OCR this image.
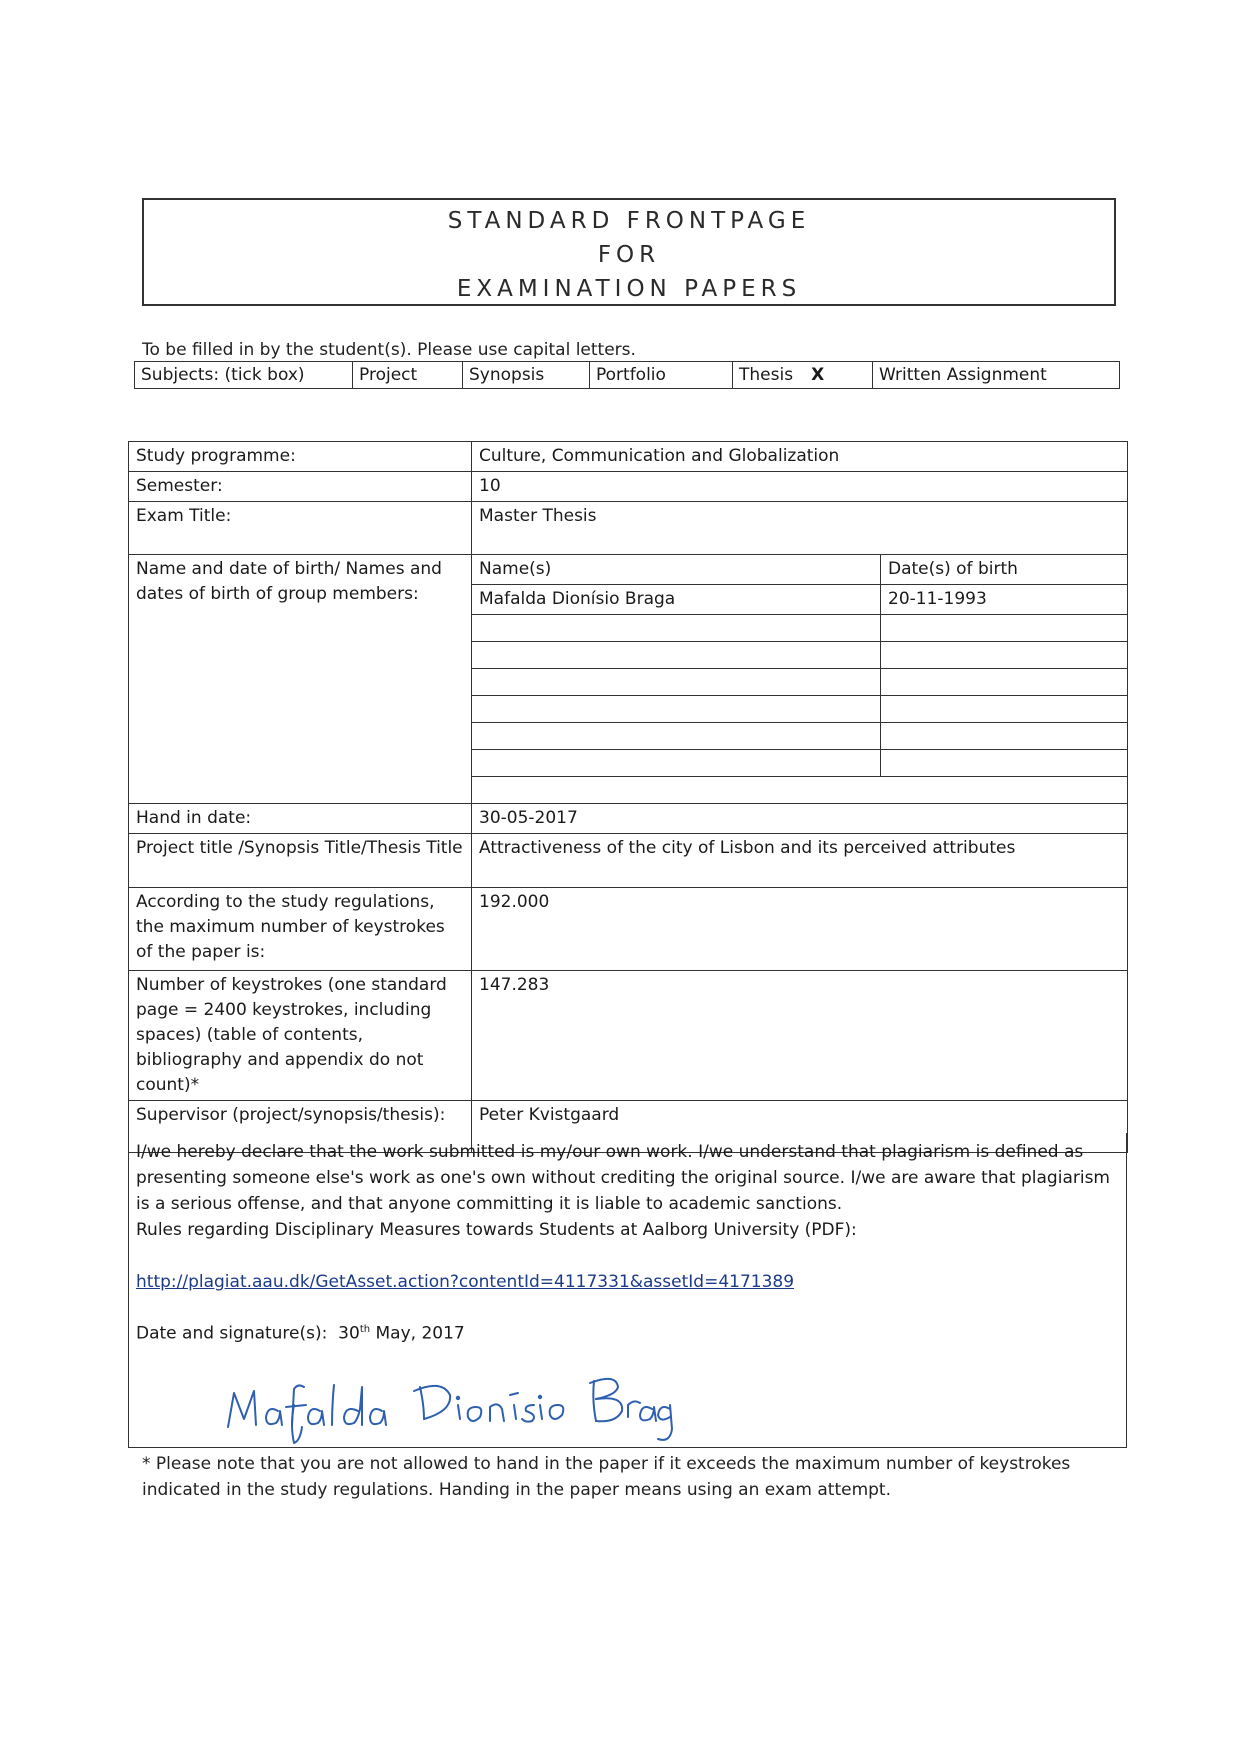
STANDARD FRONTPAGE
FOR
EXAMINATION PAPERS
To be filled in by the student(s). Please use capital letters.
Subjects: (tick box)	Project	Synopsis	Portfolio	Thesis X	Written Assignment
Study programme:	Culture, Communication and Globalization	
Semester:	10	
Exam Title:	Master Thesis	
Name and date of birth/ Names and dates of birth of group members:	Name(s)	Date(s) of birth
	Mafalda Dionísio Braga	20-11-1993

Hand in date:	30-05-2017	
Project title /Synopsis Title/Thesis Title	Attractiveness of the city of Lisbon and its perceived attributes	
According to the study regulations, the maximum number of keystrokes of the paper is:	192.000	
Number of keystrokes (one standard page = 2400 keystrokes, including spaces) (table of contents, bibliography and appendix do not count)*	147.283	
Supervisor (project/synopsis/thesis):	Peter Kvistgaard	
I/we hereby declare that the work submitted is my/our own work. I/we understand that plagiarism is defined as presenting someone else's work as one's own without crediting the original source. I/we are aware that plagiarism is a serious offense, and that anyone committing it is liable to academic sanctions.
Rules regarding Disciplinary Measures towards Students at Aalborg University (PDF):
http://plagiat.aau.dk/GetAsset.action?contentId=4117331&assetId=4171389
Date and signature(s): 30th May, 2017
* Please note that you are not allowed to hand in the paper if it exceeds the maximum number of keystrokes indicated in the study regulations. Handing in the paper means using an exam attempt.
